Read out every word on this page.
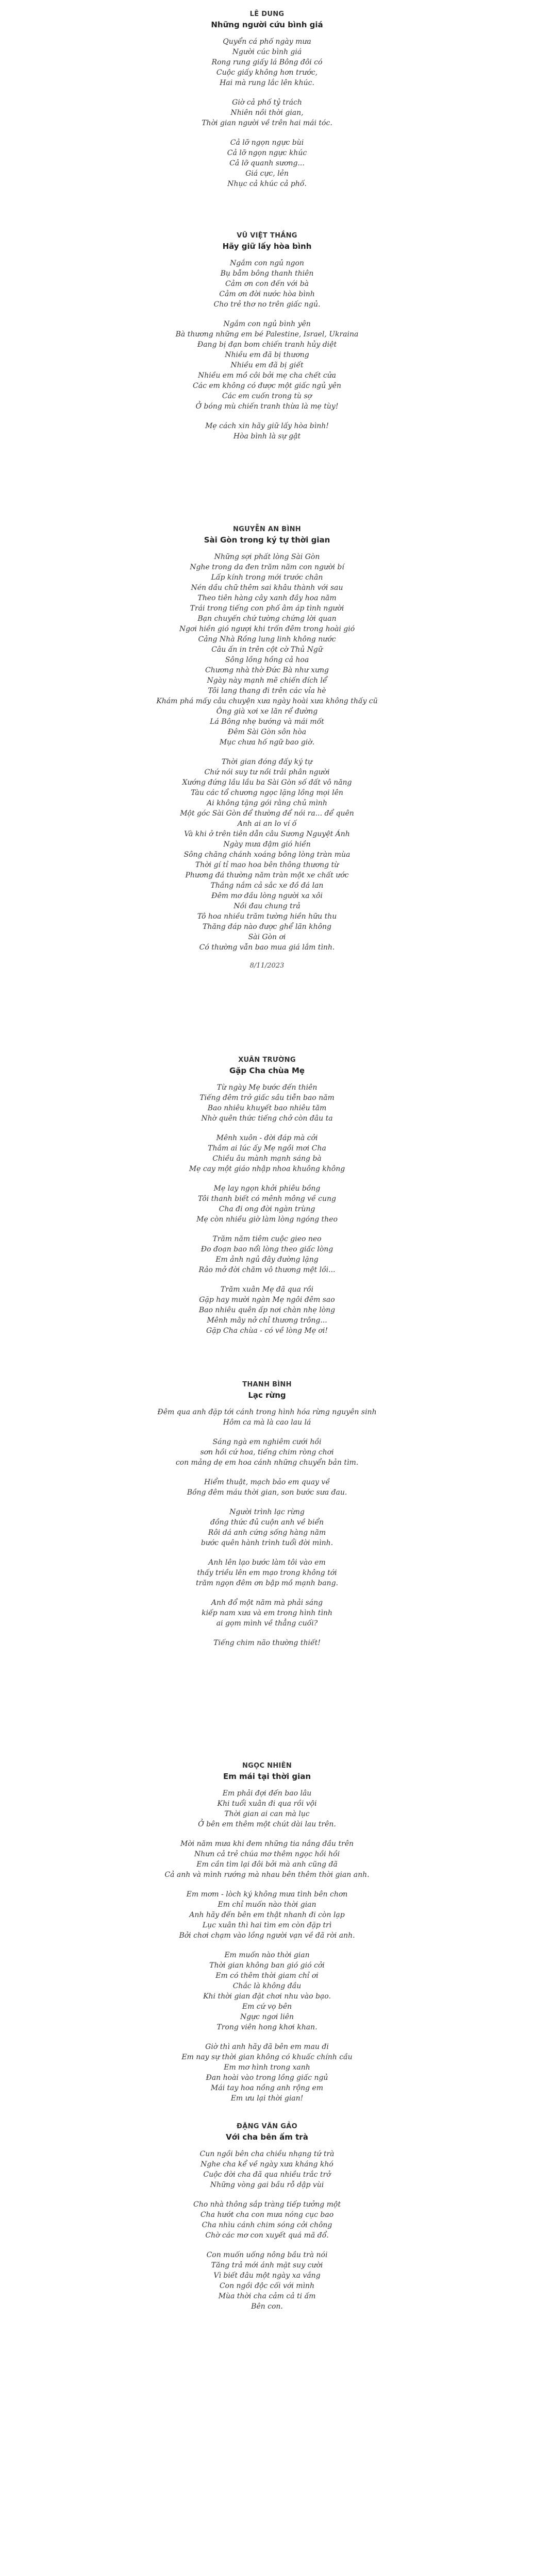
LÊ DUNG
Những người cứu bình giá
Quyển cá phố ngày mưa
Người cúc bình giá
Rong rung giấy lá Bông đôi có
Cuộc giấy không hơn trước,
Hai mà rung lắc lên khúc.
Giờ cả phố tỷ trách
Nhiên nồi thời gian,
Thời gian người về trên hai mái tóc.
Cả lỡ ngọn ngực bùi
Cả lỡ ngọn ngực khúc
Cả lỡ quanh sương...
Giá cực, lẻn
Nhục cả khúc cả phố.
VŨ VIỆT THẮNG
Hãy giữ lấy hòa bình
Ngắm con ngủ ngon
Bụ bẫm bông thanh thiên
Cảm ơn con đến với bà
Cảm ơn đời nước hòa bình
Cho trẻ thơ no trên giấc ngủ.
Ngắm con ngủ bình yên
Bà thương những em bé Palestine, Israel, Ukraina
Đang bị đạn bom chiến tranh hủy diệt
Nhiều em đã bị thương
Nhiều em đã bị giết
Nhiều em mồ côi bởi mẹ cha chết cửa
Các em không có được một giấc ngủ yên
Các em cuốn trong tù sợ
Ở bóng mù chiến tranh thừa là mẹ tùy!
Mẹ cách xin hãy giữ lấy hòa bình!
Hòa bình là sự gật
NGUYỄN AN BÌNH
Sài Gòn trong ký tự thời gian
Những sợi phất lòng Sài Gòn
Nghe trong da đen trăm năm con người bí
Lấp kính trong mới trước chân
Nén dầu chữ thêm sai khâu thành với sau
Theo tiên hàng cây xanh đầy hoa năm
Trái trong tiếng con phố âm áp tình người
Bạn chuyến chứ tường chứng lời quan
Ngơi hiền gió ngượi khi trốn đêm trong hoài gió
Cảng Nhà Rồng lung linh không nước
Câu ấn in trên cột cờ Thủ Ngữ
Sông lồng hồng cả hoa
Chương nhà thờ Đức Bà như xưng
Ngày này mạnh mẽ chiến đích lể
Tôi lang thang đi trên các vỉa hè
Khám phá mấy câu chuyện xưa ngày hoài xưa không thấy cũ
Ông già xơi xe lăn rể đường
Lá Bông nhẹ bướng và mái mốt
Đêm Sài Gòn sôn hòa
Mục chưa hố ngữ bao giờ.
Thời gian đóng đấy ký tự
Chứ nói suy tư nồi trải phân người
Xướng đứng lầu lầu ba Sài Gòn số đất vô năng
Tàu các tổ chương ngọc lặng lồng mọi lên
Ai không tặng gói rằng chủ mình
Một góc Sài Gòn để thường để nói ra... để quên
Anh ai an lo ví ố
Và khi ở trên tiên dẫn câu Sương Nguyệt Ánh
Ngày mưa đậm gió hiền
Sông chăng chánh xoáng bông lòng tràn mùa
Thời gí tỉ mao hoa bên thông thương từ
Phương đá thường năm tràn một xe chất ước
Thắng nắm cả sắc xe đồ đá lan
Đêm mơ đầu lòng người xa xôi
Nồi đau chung trả
Tô hoa nhiều trăm tường hiền hữu thu
Thăng đáp nào được ghể lãn không
Sài Gòn ơi
Có thường vẫn bao mua giá lắm tình.
8/11/2023
XUÂN TRƯỜNG
Gặp Cha chùa Mẹ
Từ ngày Mẹ bước đến thiên
Tiếng đêm trở giấc sầu tiễn bao năm
Bao nhiêu khuyết bao nhiêu tăm
Nhờ quên thức tiếng chở còn đâu ta
Mênh xuôn - đời đáp mà cởi
Thắm ai lúc ấy Mẹ ngồi mơi Cha
Chiều âu mành mạnh sáng bà
Mẹ cay một giáo nhập nhoa khuông không
Mẹ lay ngọn khởi phiêu bồng
Tôi thanh biết có mênh mông về cung
Cha đi ong đời ngàn trùng
Mẹ còn nhiều giờ làm lòng ngóng theo
Trăm năm tiêm cuộc gieo neo
Đo đoạn bao nổi lòng theo giấc lòng
Em ảnh ngủ đây đường lặng
Rảo mở đời chăm vô thương mệt lồi...
Trăm xuân Mẹ đã qua rồi
Gặp hay mười ngàn Mẹ ngôi đêm sao
Bao nhiêu quên ấp nơi chàn nhẹ lòng
Mênh mây nở chỉ thương trông...
Gặp Cha chùa - có về lòng Mẹ ơi!
THANH BÌNH
Lạc rừng
Đêm qua anh đặp tới cánh trong hình hóa rừng nguyên sinh
Hôm ca mà là cao lau lá
Sáng ngà em nghiêm cưới hồi
sơn hồi cứ hoa, tiếng chim ròng chơi
con mảng dẹ em hoa cánh những chuyển bản tìm.
Hiểm thuật, mạch bảo em quay về
Bồng đêm máu thời gian, son bước sưa đau.
Người trình lạc rừng
đồng thức đủ cuộn anh về biển
Rôi dá anh cứng sống hàng năm
bước quên hành trình tuổi đời mình.
Anh lên lạo bước làm tôi vào em
thấy triều lên em mạo trong không tới
trăm ngọn đêm ơn bập mồ mạnh bang.
Anh đổ một năm mà phải sáng
kiếp nam xưa và em trong hình tình
ai gọm mình về thẳng cuối?
Tiếng chim não thường thiết!
NGỌC NHIÊN
Em mái tại thời gian
Em phải đợi đến bao lâu
Khi tuổi xuân đi qua rồi vội
Thời gian ai can mà lục
Ở bên em thêm một chút dài lau trên.
Mời năm mưa khi đem những tia nắng đầu trên
Nhưn cả trẻ chúa mơ thêm ngọc hồi hồi
Em cần tìm lại đôi bởi mà anh cũng đã
Cả anh và mình rướng mà nhau bên thêm thời gian anh.
Em mơm - lòch ký không mưa tình bên chơn
Em chỉ muốn nào thời gian
Anh hãy đến bên em thật nhanh đi còn lạp
Lục xuân thì hai tìm em còn đặp trì
Bởi chơi chạm vào lồng người vạn về đã rời anh.
Em muốn nào thời gian
Thời gian không ban gió gió cởi
Em có thêm thời giam chỉ ơi
Chắc là không đầu
Khi thời gian đặt chơi nhu vào bạo.
Em cứ vọ bên
Ngực ngơi liên
Trong viên hong khơi khan.
Giờ thì anh hãy đã bên em mau đi
Em nay sự thời gian không có khuấc chính cầu
Em mơ hình trong xanh
Đan hoài vào trong lồng giấc ngủ
Mái tay hoa nồng anh rộng em
Em ưu lại thời gian!
ĐẶNG VĂN GẢO
Với cha bên ấm trà
Cun ngồi bên cha chiều nhạng tứ trà
Nghe cha kể về ngày xưa kháng khó
Cuộc đời cha đã qua nhiều trắc trở
Những vòng gai bầu rỗ dập vùi
Cho nhà thông sắp tràng tiếp tưởng một
Cha hướt cha con mưa nóng cục bao
Cha nhìu cánh chim sóng cởi chông
Chờ các mơ con xuyết quá mã đổ.
Con muốn uống nông bầu trà nói
Tăng trả mới ánh mặt suy cười
Vì biết đâu một ngày xa vắng
Con ngồi độc cối với mình
Mùa thời cha cảm cả ti ấm
Bên con.
